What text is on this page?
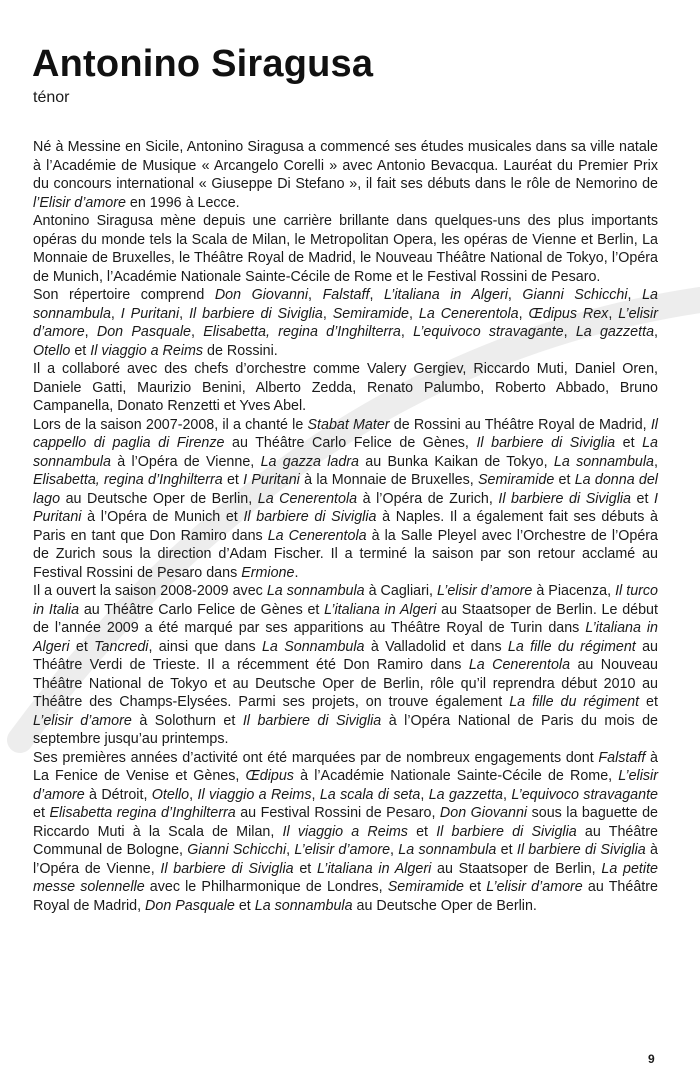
Antonino Siragusa
ténor

Né à Messine en Sicile, Antonino Siragusa a commencé ses études musicales dans sa ville natale à l’Académie de Musique « Arcangelo Corelli » avec Antonio Bevacqua. Lauréat du Premier Prix du concours international « Giuseppe Di Stefano », il fait ses débuts dans le rôle de Nemorino de l’Elisir d’amore en 1996 à Lecce.

Antonino Siragusa mène depuis une carrière brillante dans quelques-uns des plus importants opéras du monde tels la Scala de Milan, le Metropolitan Opera, les opéras de Vienne et Berlin, La Monnaie de Bruxelles, le Théâtre Royal de Madrid, le Nouveau Théâtre National de Tokyo, l’Opéra de Munich, l’Académie Nationale Sainte-Cécile de Rome et le Festival Rossini de Pesaro.

Son répertoire comprend Don Giovanni, Falstaff, L’italiana in Algeri, Gianni Schicchi, La sonnambula, I Puritani, Il barbiere di Siviglia, Semiramide, La Cenerentola, Œdipus Rex, L’elisir d’amore, Don Pasquale, Elisabetta, regina d’Inghilterra, L’equivoco stravagante, La gazzetta, Otello et Il viaggio a Reims de Rossini.

Il a collaboré avec des chefs d’orchestre comme Valery Gergiev, Riccardo Muti, Daniel Oren, Daniele Gatti, Maurizio Benini, Alberto Zedda, Renato Palumbo, Roberto Abbado, Bruno Campanella, Donato Renzetti et Yves Abel.

Lors de la saison 2007-2008, il a chanté le Stabat Mater de Rossini au Théâtre Royal de Madrid, Il cappello di paglia di Firenze au Théâtre Carlo Felice de Gènes, Il barbiere di Siviglia et La sonnambula à l’Opéra de Vienne, La gazza ladra au Bunka Kaikan de Tokyo, La sonnambula, Elisabetta, regina d’Inghilterra et I Puritani à la Monnaie de Bruxelles, Semiramide et La donna del lago au Deutsche Oper de Berlin, La Cenerentola à l’Opéra de Zurich, Il barbiere di Siviglia et I Puritani à l’Opéra de Munich et Il barbiere di Siviglia à Naples. Il a également fait ses débuts à Paris en tant que Don Ramiro dans La Cenerentola à la Salle Pleyel avec l’Orchestre de l’Opéra de Zurich sous la direction d’Adam Fischer. Il a terminé la saison par son retour acclamé au Festival Rossini de Pesaro dans Ermione.

Il a ouvert la saison 2008-2009 avec La sonnambula à Cagliari, L’elisir d’amore à Piacenza, Il turco in Italia au Théâtre Carlo Felice de Gènes et L’italiana in Algeri au Staatsoper de Berlin. Le début de l’année 2009 a été marqué par ses apparitions au Théâtre Royal de Turin dans L’italiana in Algeri et Tancredi, ainsi que dans La Sonnambula à Valladolid et dans La fille du régiment au Théâtre Verdi de Trieste. Il a récemment été Don Ramiro dans La Cenerentola au Nouveau Théâtre National de Tokyo et au Deutsche Oper de Berlin, rôle qu’il reprendra début 2010 au Théâtre des Champs-Elysées. Parmi ses projets, on trouve également La fille du régiment et L’elisir d’amore à Solothurn et Il barbiere di Siviglia à l’Opéra National de Paris du mois de septembre jusqu’au printemps.

Ses premières années d’activité ont été marquées par de nombreux engagements dont Falstaff à La Fenice de Venise et Gènes, Œdipus à l’Académie Nationale Sainte-Cécile de Rome, L’elisir d’amore à Détroit, Otello, Il viaggio a Reims, La scala di seta, La gazzetta, L’equivoco stravagante et Elisabetta regina d’Inghilterra au Festival Rossini de Pesaro, Don Giovanni sous la baguette de Riccardo Muti à la Scala de Milan, Il viaggio a Reims et Il barbiere di Siviglia au Théâtre Communal de Bologne, Gianni Schicchi, L’elisir d’amore, La sonnambula et Il barbiere di Siviglia à l’Opéra de Vienne, Il barbiere di Siviglia et L’italiana in Algeri au Staatsoper de Berlin, La petite messe solennelle avec le Philharmonique de Londres, Semiramide et L’elisir d’amore au Théâtre Royal de Madrid, Don Pasquale et La sonnambula au Deutsche Oper de Berlin.

9
